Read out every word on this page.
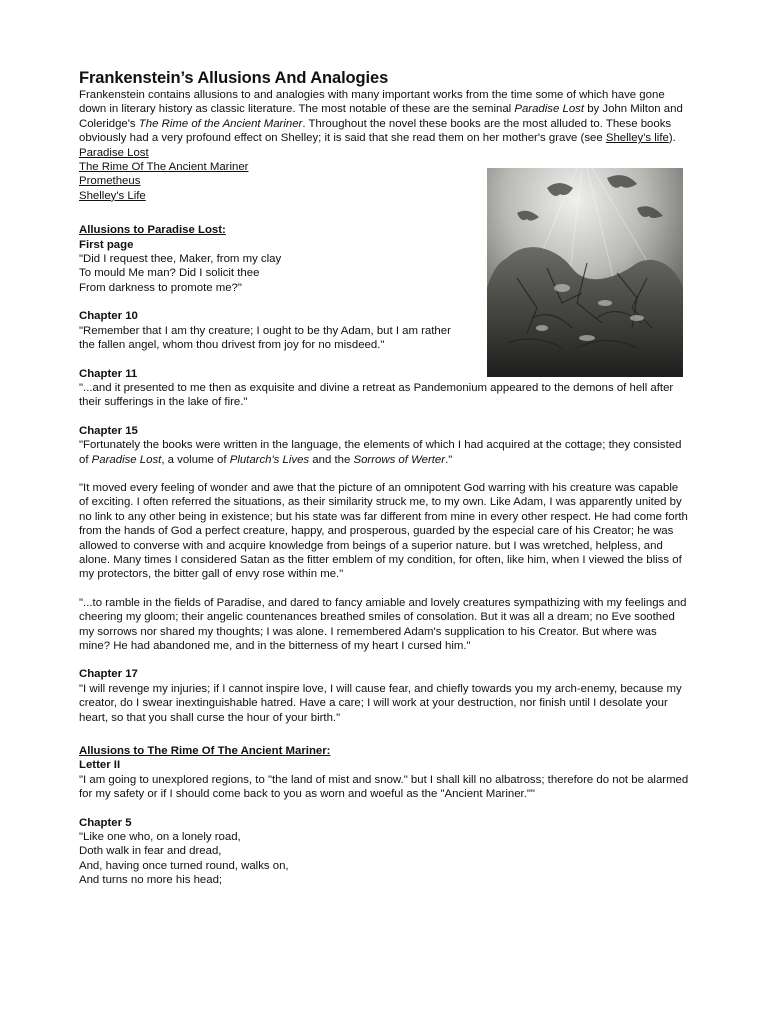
Frankenstein’s Allusions And Analogies

Frankenstein contains allusions to and analogies with many important works from the time some of which have gone down in literary history as classic literature. The most notable of these are the seminal Paradise Lost by John Milton and Coleridge's The Rime of the Ancient Mariner. Throughout the novel these books are the most alluded to. These books obviously had a very profound effect on Shelley; it is said that she read them on her mother's grave (see Shelley's life).

Paradise Lost
The Rime Of The Ancient Mariner
Prometheus
Shelley's Life
Allusions to Paradise Lost:
First page

"Did I request thee, Maker, from my clay

To mould Me man? Did I solicit thee

From darkness to promote me?"

Chapter 10

"Remember that I am thy creature; I ought to be thy Adam, but I am rather the fallen angel, whom thou drivest from joy for no misdeed."

Chapter 11

"...and it presented to me then as exquisite and divine a retreat as Pandemonium appeared to the demons of hell after their sufferings in the lake of fire."

Chapter 15

"Fortunately the books were written in the language, the elements of which I had acquired at the cottage; they consisted of Paradise Lost, a volume of Plutarch's Lives and the Sorrows of Werter."

"It moved every feeling of wonder and awe that the picture of an omnipotent God warring with his creature was capable of exciting. I often referred the situations, as their similarity struck me, to my own. Like Adam, I was apparently united by no link to any other being in existence; but his state was far different from mine in every other respect. He had come forth from the hands of God a perfect creature, happy, and prosperous, guarded by the especial care of his Creator; he was allowed to converse with and acquire knowledge from beings of a superior nature. but I was wretched, helpless, and alone. Many times I considered Satan as the fitter emblem of my condition, for often, like him, when I viewed the bliss of my protectors, the bitter gall of envy rose within me."

"...to ramble in the fields of Paradise, and dared to fancy amiable and lovely creatures sympathizing with my feelings and cheering my gloom; their angelic countenances breathed smiles of consolation. But it was all a dream; no Eve soothed my sorrows nor shared my thoughts; I was alone. I remembered Adam's supplication to his Creator. But where was mine? He had abandoned me, and in the bitterness of my heart I cursed him."

Chapter 17

"I will revenge my injuries; if I cannot inspire love, I will cause fear, and chiefly towards you my arch-enemy, because my creator, do I swear inextinguishable hatred. Have a care; I will work at your destruction, nor finish until I desolate your heart, so that you shall curse the hour of your birth."

Allusions to The Rime Of The Ancient Mariner:
Letter II

"I am going to unexplored regions, to "the land of mist and snow." but I shall kill no albatross; therefore do not be alarmed for my safety or if I should come back to you as worn and woeful as the "Ancient Mariner.""

Chapter 5

"Like one who, on a lonely road,

Doth walk in fear and dread,

And, having once turned round, walks on,

And turns no more his head;
